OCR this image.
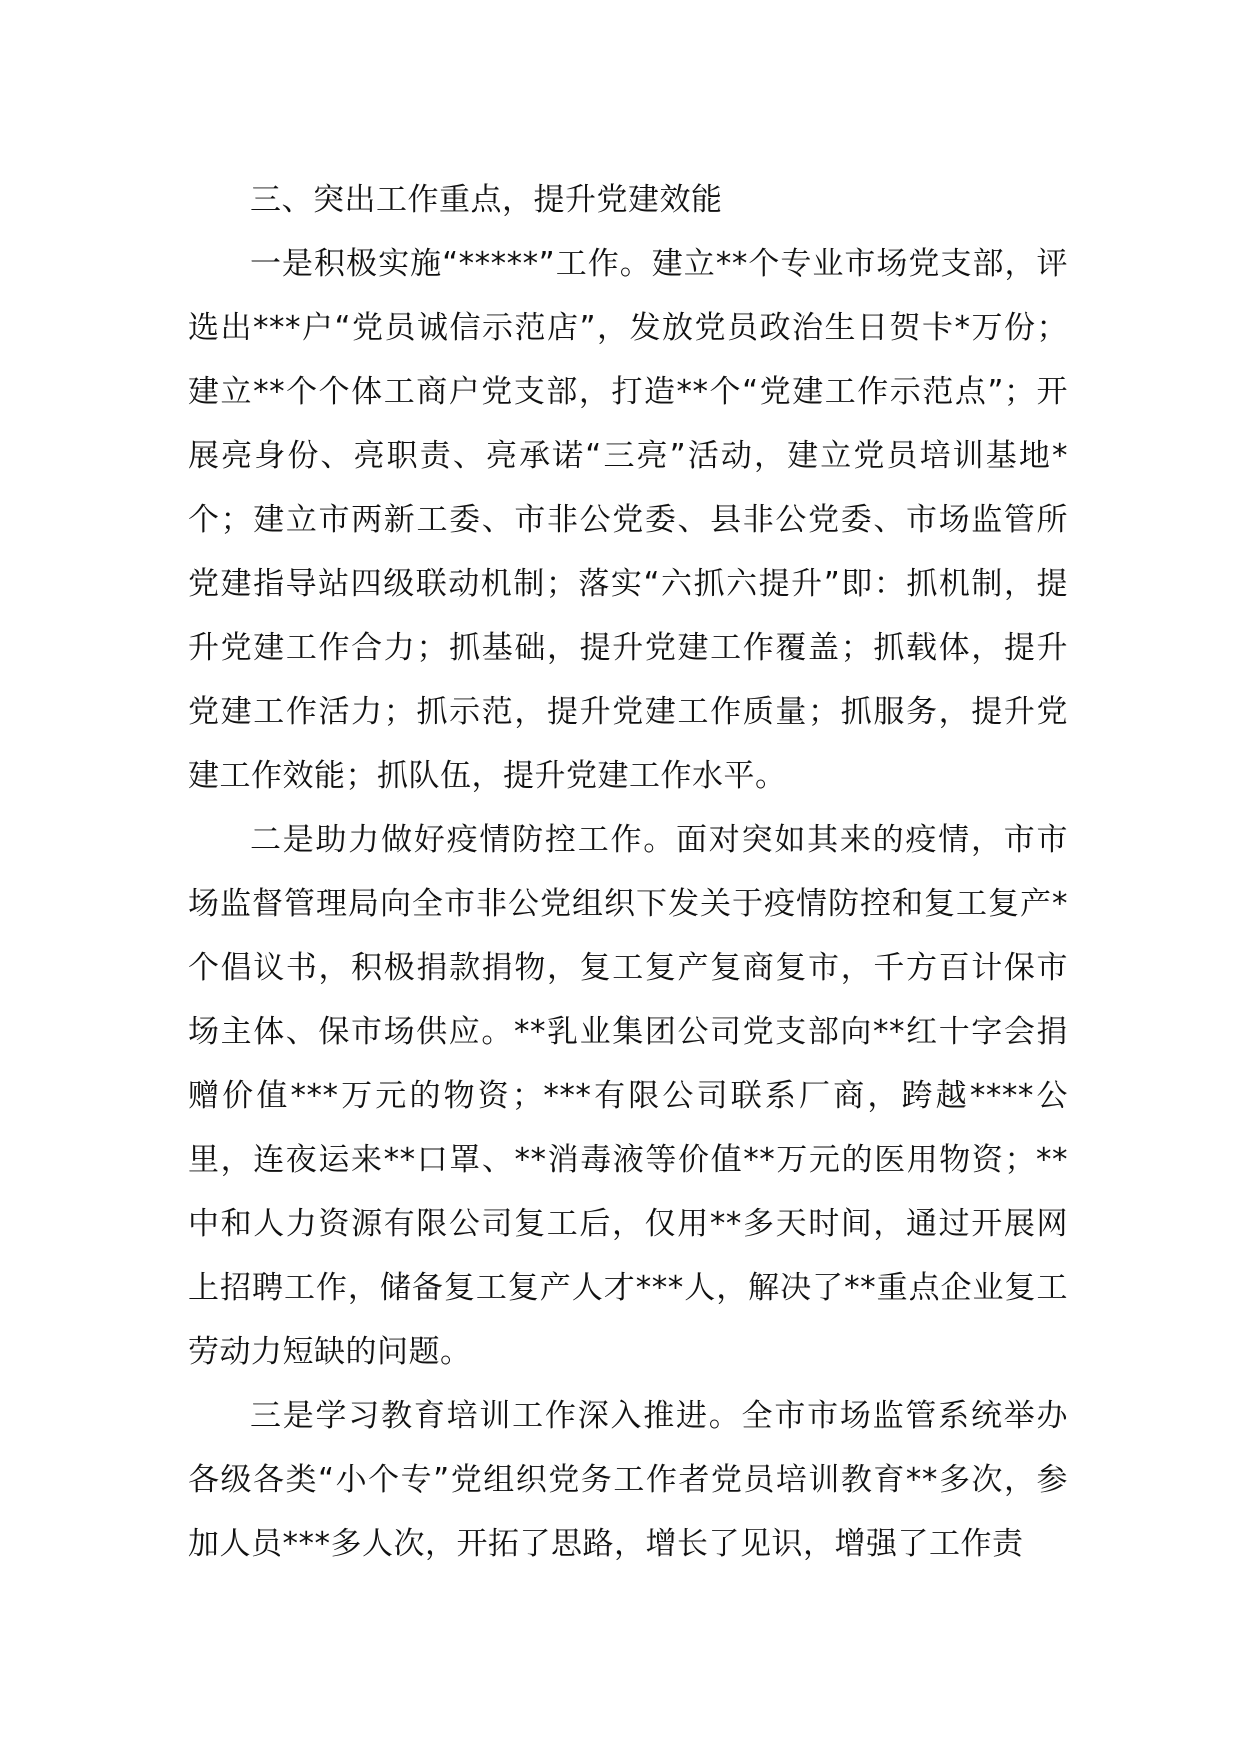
三、突出工作重点，提升党建效能

一是积极实施“*****”工作。建立**个专业市场党支部，评选出***户“党员诚信示范店”，发放党员政治生日贺卡*万份；建立**个个体工商户党支部，打造**个“党建工作示范点”；开展亮身份、亮职责、亮承诺“三亮”活动，建立党员培训基地*个；建立市两新工委、市非公党委、县非公党委、市场监管所党建指导站四级联动机制；落实“六抓六提升”即：抓机制，提升党建工作合力；抓基础，提升党建工作覆盖；抓载体，提升党建工作活力；抓示范，提升党建工作质量；抓服务，提升党建工作效能；抓队伍，提升党建工作水平。

二是助力做好疫情防控工作。面对突如其来的疫情，市市场监督管理局向全市非公党组织下发关于疫情防控和复工复产*个倡议书，积极捐款捐物，复工复产复商复市，千方百计保市场主体、保市场供应。**乳业集团公司党支部向**红十字会捐赠价值***万元的物资；***有限公司联系厂商，跨越****公里，连夜运来**口罩、**消毒液等价值**万元的医用物资；**中和人力资源有限公司复工后，仅用**多天时间，通过开展网上招聘工作，储备复工复产人才***人，解决了**重点企业复工劳动力短缺的问题。

三是学习教育培训工作深入推进。全市市场监管系统举办各级各类“小个专”党组织党务工作者党员培训教育**多次，参加人员***多人次，开拓了思路，增长了见识，增强了工作责
